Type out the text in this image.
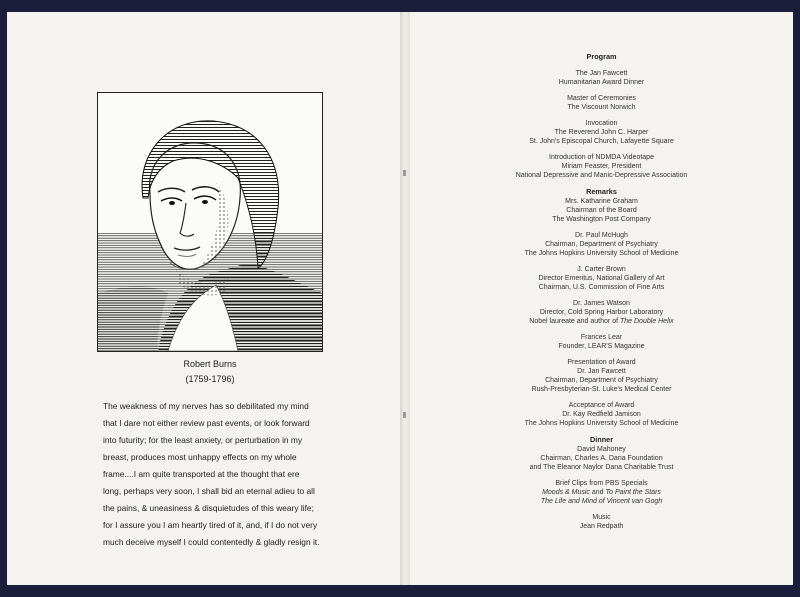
Robert Burns
(1759-1796)

The weakness of my nerves has so debilitated my mind

that I dare not either review past events, or look forward

into futurity; for the least anxiety, or perturbation in my

breast, produces most unhappy effects on my whole

frame....I am quite transported at the thought that ere

long, perhaps very soon, I shall bid an eternal adieu to all

the pains, & uneasiness & disquietudes of this weary life;

for I assure you I am heartly tired of it, and, if I do not very

much deceive myself I could contentedly & gladly resign it.

Program
The Jan Fawcett
Humanitarian Award Dinner
Master of Ceremonies
The Viscount Norwich
Invocation
The Reverend John C. Harper
St. John's Episcopal Church, Lafayette Square
Introduction of NDMDA Videotape
Miriam Feaster, President
National Depressive and Manic-Depressive Association
Remarks
Mrs. Katharine Graham
Chairman of the Board
The Washington Post Company
Dr. Paul McHugh
Chairman, Department of Psychiatry
The Johns Hopkins University School of Medicine
J. Carter Brown
Director Emeritus, National Gallery of Art
Chairman, U.S. Commission of Fine Arts
Dr. James Watson
Director, Cold Spring Harbor Laboratory
Nobel laureate and author of The Double Helix
Frances Lear
Founder, LEAR'S Magazine
Presentation of Award
Dr. Jan Fawcett
Chairman, Department of Psychiatry
Rush-Presbyterian-St. Luke's Medical Center
Acceptance of Award
Dr. Kay Redfield Jamison
The Johns Hopkins University School of Medicine
Dinner
David Mahoney
Chairman, Charles A. Dana Foundation
and The Eleanor Naylor Dana Charitable Trust
Brief Clips from PBS Specials
Moods & Music and To Paint the Stars
The Life and Mind of Vincent van Gogh
Music
Jean Redpath
